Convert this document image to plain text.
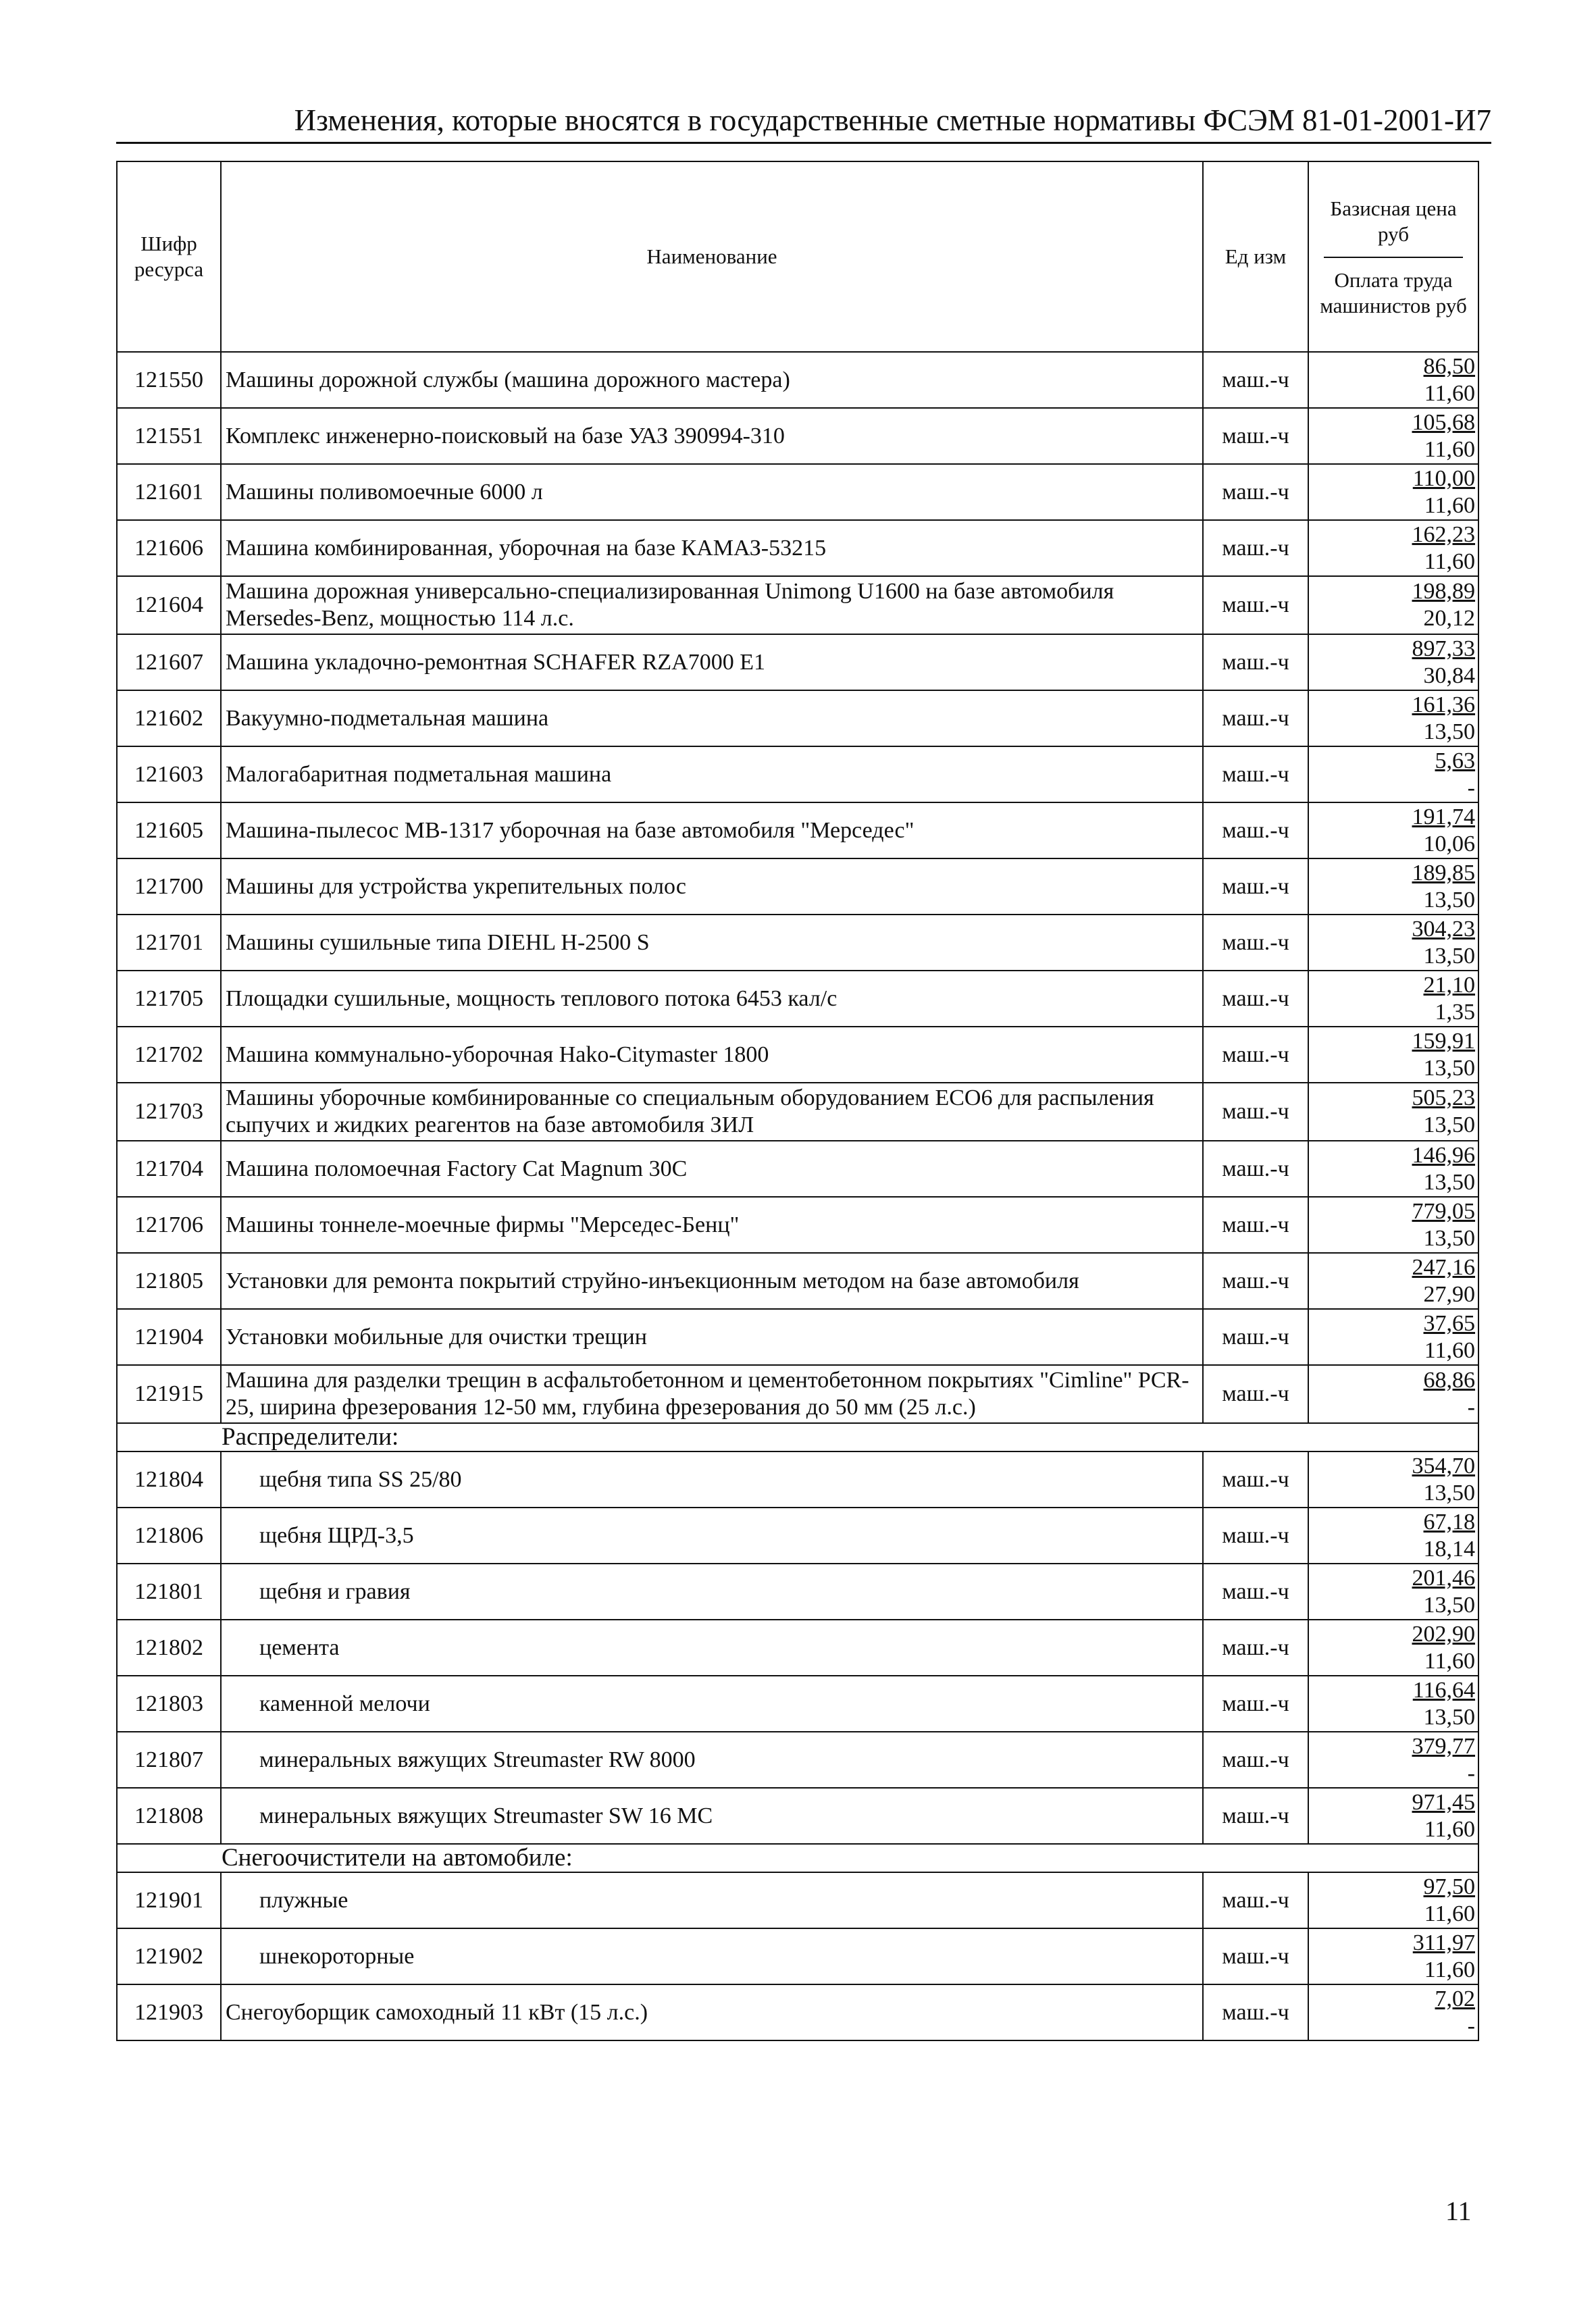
Изменения, которые вносятся в государственные сметные нормативы ФСЭМ 81-01-2001-И7
Шифр ресурса	Наименование	Ед изм	Базисная цена руб
Оплата труда машинистов руб

121550	Машины дорожной службы (машина дорожного мастера)	маш.-ч	86,50
11,60

121551	Комплекс инженерно-поисковый на базе УАЗ 390994-310	маш.-ч	105,68
11,60

121601	Машины поливомоечные 6000 л	маш.-ч	110,00
11,60

121606	Машина комбинированная, уборочная на базе КАМАЗ-53215	маш.-ч	162,23
11,60

121604	Машина дорожная универсально-специализированная Unimong U1600 на базе автомобиля Mersedes-Benz, мощностью 114 л.с.	маш.-ч	198,89
20,12

121607	Машина укладочно-ремонтная SCHAFER RZA7000 E1	маш.-ч	897,33
30,84

121602	Вакуумно-подметальная машина	маш.-ч	161,36
13,50

121603	Малогабаритная подметальная машина	маш.-ч	5,63
-

121605	Машина-пылесос МВ-1317 уборочная на базе автомобиля "Мерседес"	маш.-ч	191,74
10,06

121700	Машины для устройства укрепительных полос	маш.-ч	189,85
13,50

121701	Машины сушильные типа DIEHL H-2500 S	маш.-ч	304,23
13,50

121705	Площадки сушильные, мощность теплового потока 6453 кал/с	маш.-ч	21,10
1,35

121702	Машина коммунально-уборочная Hako-Citymaster 1800	маш.-ч	159,91
13,50

121703	Машины уборочные комбинированные со специальным оборудованием ЕСО6 для распыления сыпучих и жидких реагентов на базе автомобиля ЗИЛ	маш.-ч	505,23
13,50

121704	Машина поломоечная Factory Cat Magnum 30C	маш.-ч	146,96
13,50

121706	Машины тоннеле-моечные фирмы "Мерседес-Бенц"	маш.-ч	779,05
13,50

121805	Установки для ремонта покрытий струйно-инъекционным методом на базе автомобиля	маш.-ч	247,16
27,90

121904	Установки мобильные для очистки трещин	маш.-ч	37,65
11,60

121915	Машина для разделки трещин в асфальтобетонном и цементобетонном покрытиях "Cimline" PCR-25, ширина фрезерования 12-50 мм, глубина фрезерования до 50 мм (25 л.с.)	маш.-ч	68,86
-

Распределители:			
121804	щебня типа SS 25/80	маш.-ч	354,70
13,50

121806	щебня ЩРД-3,5	маш.-ч	67,18
18,14

121801	щебня и гравия	маш.-ч	201,46
13,50

121802	цемента	маш.-ч	202,90
11,60

121803	каменной мелочи	маш.-ч	116,64
13,50

121807	минеральных вяжущих Streumaster RW 8000	маш.-ч	379,77
-

121808	минеральных вяжущих Streumaster SW 16 MC	маш.-ч	971,45
11,60

Снегоочистители на автомобиле:			
121901	плужные	маш.-ч	97,50
11,60

121902	шнекороторные	маш.-ч	311,97
11,60

121903	Снегоуборщик самоходный 11 кВт (15 л.с.)	маш.-ч	7,02
-
11
